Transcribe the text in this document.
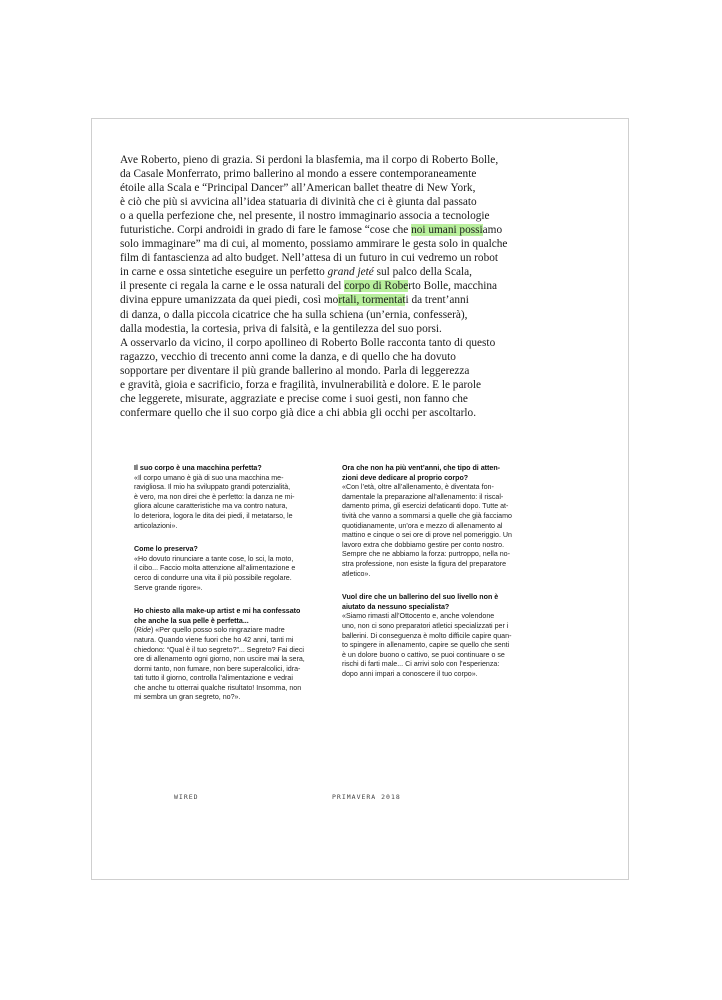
Ave Roberto, pieno di grazia. Si perdoni la blasfemia, ma il corpo di Roberto Bolle,
da Casale Monferrato, primo ballerino al mondo a essere contemporaneamente
étoile alla Scala e “Principal Dancer” all’American ballet theatre di New York,
è ciò che più si avvicina all’idea statuaria di divinità che ci è giunta dal passato
o a quella perfezione che, nel presente, il nostro immaginario associa a tecnologie
futuristiche. Corpi androidi in grado di fare le famose “cose che noi umani possiamo
solo immaginare” ma di cui, al momento, possiamo ammirare le gesta solo in qualche
film di fantascienza ad alto budget. Nell’attesa di un futuro in cui vedremo un robot
in carne e ossa sintetiche eseguire un perfetto grand jeté sul palco della Scala,
il presente ci regala la carne e le ossa naturali del corpo di Roberto Bolle, macchina
divina eppure umanizzata da quei piedi, così mortali, tormentati da trent’anni
di danza, o dalla piccola cicatrice che ha sulla schiena (un’ernia, confesserà),
dalla modestia, la cortesia, priva di falsità, e la gentilezza del suo porsi.
A osservarlo da vicino, il corpo apollineo di Roberto Bolle racconta tanto di questo
ragazzo, vecchio di trecento anni come la danza, e di quello che ha dovuto
sopportare per diventare il più grande ballerino al mondo. Parla di leggerezza
e gravità, gioia e sacrificio, forza e fragilità, invulnerabilità e dolore. E le parole
che leggerete, misurate, aggraziate e precise come i suoi gesti, non fanno che
confermare quello che il suo corpo già dice a chi abbia gli occhi per ascoltarlo.

Il suo corpo è una macchina perfetta?
«Il corpo umano è già di suo una macchina me-
ravigliosa. Il mio ha sviluppato grandi potenzialità,
è vero, ma non direi che è perfetto: la danza ne mi-
gliora alcune caratteristiche ma va contro natura,
lo deteriora, logora le dita dei piedi, il metatarso, le
articolazioni».
Come lo preserva?
«Ho dovuto rinunciare a tante cose, lo sci, la moto,
il cibo... Faccio molta attenzione all’alimentazione e
cerco di condurre una vita il più possibile regolare.
Serve grande rigore».
Ho chiesto alla make-up artist e mi ha confessato
che anche la sua pelle è perfetta...
(Ride) «Per quello posso solo ringraziare madre
natura. Quando viene fuori che ho 42 anni, tanti mi
chiedono: “Qual è il tuo segreto?”... Segreto? Fai dieci
ore di allenamento ogni giorno, non uscire mai la sera,
dormi tanto, non fumare, non bere superalcolici, idra-
tati tutto il giorno, controlla l’alimentazione e vedrai
che anche tu otterrai qualche risultato! Insomma, non
mi sembra un gran segreto, no?».
Ora che non ha più vent’anni, che tipo di atten-
zioni deve dedicare al proprio corpo?
«Con l’età, oltre all’allenamento, è diventata fon-
damentale la preparazione all’allenamento: il riscal-
damento prima, gli esercizi defaticanti dopo. Tutte at-
tività che vanno a sommarsi a quelle che già facciamo
quotidianamente, un’ora e mezzo di allenamento al
mattino e cinque o sei ore di prove nel pomeriggio. Un
lavoro extra che dobbiamo gestire per conto nostro.
Sempre che ne abbiamo la forza: purtroppo, nella no-
stra professione, non esiste la figura del preparatore
atletico».
Vuol dire che un ballerino del suo livello non è
aiutato da nessuno specialista?
«Siamo rimasti all’Ottocento e, anche volendone
uno, non ci sono preparatori atletici specializzati per i
ballerini. Di conseguenza è molto difficile capire quan-
to spingere in allenamento, capire se quello che senti
è un dolore buono o cattivo, se puoi continuare o se
rischi di farti male... Ci arrivi solo con l’esperienza:
dopo anni impari a conoscere il tuo corpo».
WIRED	PRIMAVERA 2018
